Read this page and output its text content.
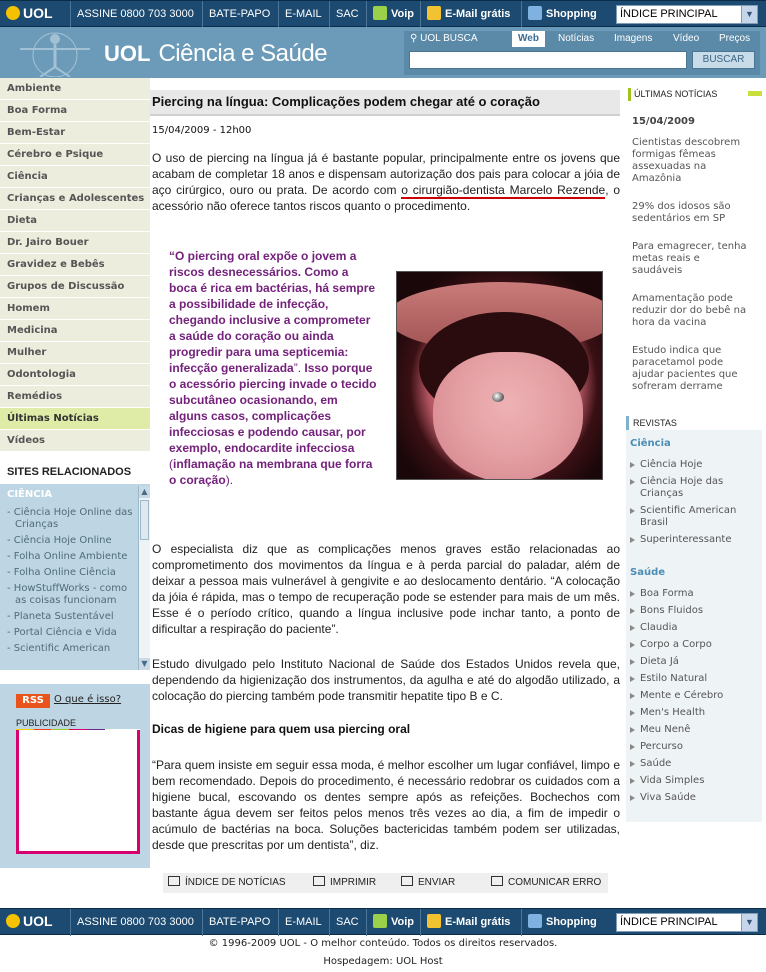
UOL	ASSINE 0800 703 3000	BATE-PAPO	E-MAIL	SAC	Voip	E-Mail grátis	Shopping	ÍNDICE PRINCIPAL	▼
UOL Ciência e Saúde
⚲ UOL BUSCA	Web	Notícias	Imagens	Vídeo	Preços
BUSCAR
Ambiente
Boa Forma
Bem-Estar
Cérebro e Psique
Ciência
Crianças e Adolescentes
Dieta
Dr. Jairo Bouer
Gravidez e Bebês
Grupos de Discussão
Homem
Medicina
Mulher
Odontologia
Remédios
Últimas Notícias
Vídeos
SITES RELACIONADOS
CIÊNCIA
- Ciência Hoje Online das Crianças
- Ciência Hoje Online
- Folha Online Ambiente
- Folha Online Ciência
- HowStuffWorks - como as coisas funcionam
- Planeta Sustentável
- Portal Ciência e Vida
- Scientific American
▲
▼
RSS	O que é isso?
PUBLICIDADE
Piercing na língua: Complicações podem chegar até o coração
15/04/2009 - 12h00
O uso de piercing na língua já é bastante popular, principalmente entre os jovens que acabam de completar 18 anos e dispensam autorização dos pais para colocar a jóia de aço cirúrgico, ouro ou prata. De acordo com o cirurgião-dentista Marcelo Rezende, o acessório não oferece tantos riscos quanto o procedimento.
“O piercing oral expõe o jovem a riscos desnecessários. Como a boca é rica em bactérias, há sempre a possibilidade de infecção, chegando inclusive a comprometer a saúde do coração ou ainda progredir para uma septicemia: infecção generalizada”. Isso porque o acessório piercing invade o tecido subcutâneo ocasionando, em alguns casos, complicações infecciosas e podendo causar, por exemplo, endocardite infecciosa (inflamação na membrana que forra o coração).
O especialista diz que as complicações menos graves estão relacionadas ao comprometimento dos movimentos da língua e à perda parcial do paladar, além de deixar a pessoa mais vulnerável à gengivite e ao deslocamento dentário. “A colocação da jóia é rápida, mas o tempo de recuperação pode se estender para mais de um mês. Esse é o período crítico, quando a língua inclusive pode inchar tanto, a ponto de dificultar a respiração do paciente”.
Estudo divulgado pelo Instituto Nacional de Saúde dos Estados Unidos revela que, dependendo da higienização dos instrumentos, da agulha e até do algodão utilizado, a colocação do piercing também pode transmitir hepatite tipo B e C.
Dicas de higiene para quem usa piercing oral
“Para quem insiste em seguir essa moda, é melhor escolher um lugar confiável, limpo e bem recomendado. Depois do procedimento, é necessário redobrar os cuidados com a higiene bucal, escovando os dentes sempre após as refeições. Bochechos com bastante água devem ser feitos pelos menos três vezes ao dia, a fim de impedir o acúmulo de bactérias na boca. Soluções bactericidas também podem ser utilizadas, desde que prescritas por um dentista”, diz.
ÍNDICE DE NOTÍCIAS	IMPRIMIR	ENVIAR	COMUNICAR ERRO
ÚLTIMAS NOTÍCIAS
15/04/2009
Cientistas descobrem formigas fêmeas assexuadas na Amazônia
29% dos idosos são sedentários em SP
Para emagrecer, tenha metas reais e saudáveis
Amamentação pode reduzir dor do bebê na hora da vacina
Estudo indica que paracetamol pode ajudar pacientes que sofreram derrame
REVISTAS
Ciência
Ciência Hoje
Ciência Hoje das Crianças
Scientific American Brasil
Superinteressante
Saúde
Boa Forma
Bons Fluidos
Claudia
Corpo a Corpo
Dieta Já
Estilo Natural
Mente e Cérebro
Men's Health
Meu Nenê
Percurso
Saúde
Vida Simples
Viva Saúde
UOL	ASSINE 0800 703 3000	BATE-PAPO	E-MAIL	SAC	Voip	E-Mail grátis	Shopping	ÍNDICE PRINCIPAL	▼
© 1996-2009 UOL - O melhor conteúdo. Todos os direitos reservados.
Hospedagem: UOL Host
